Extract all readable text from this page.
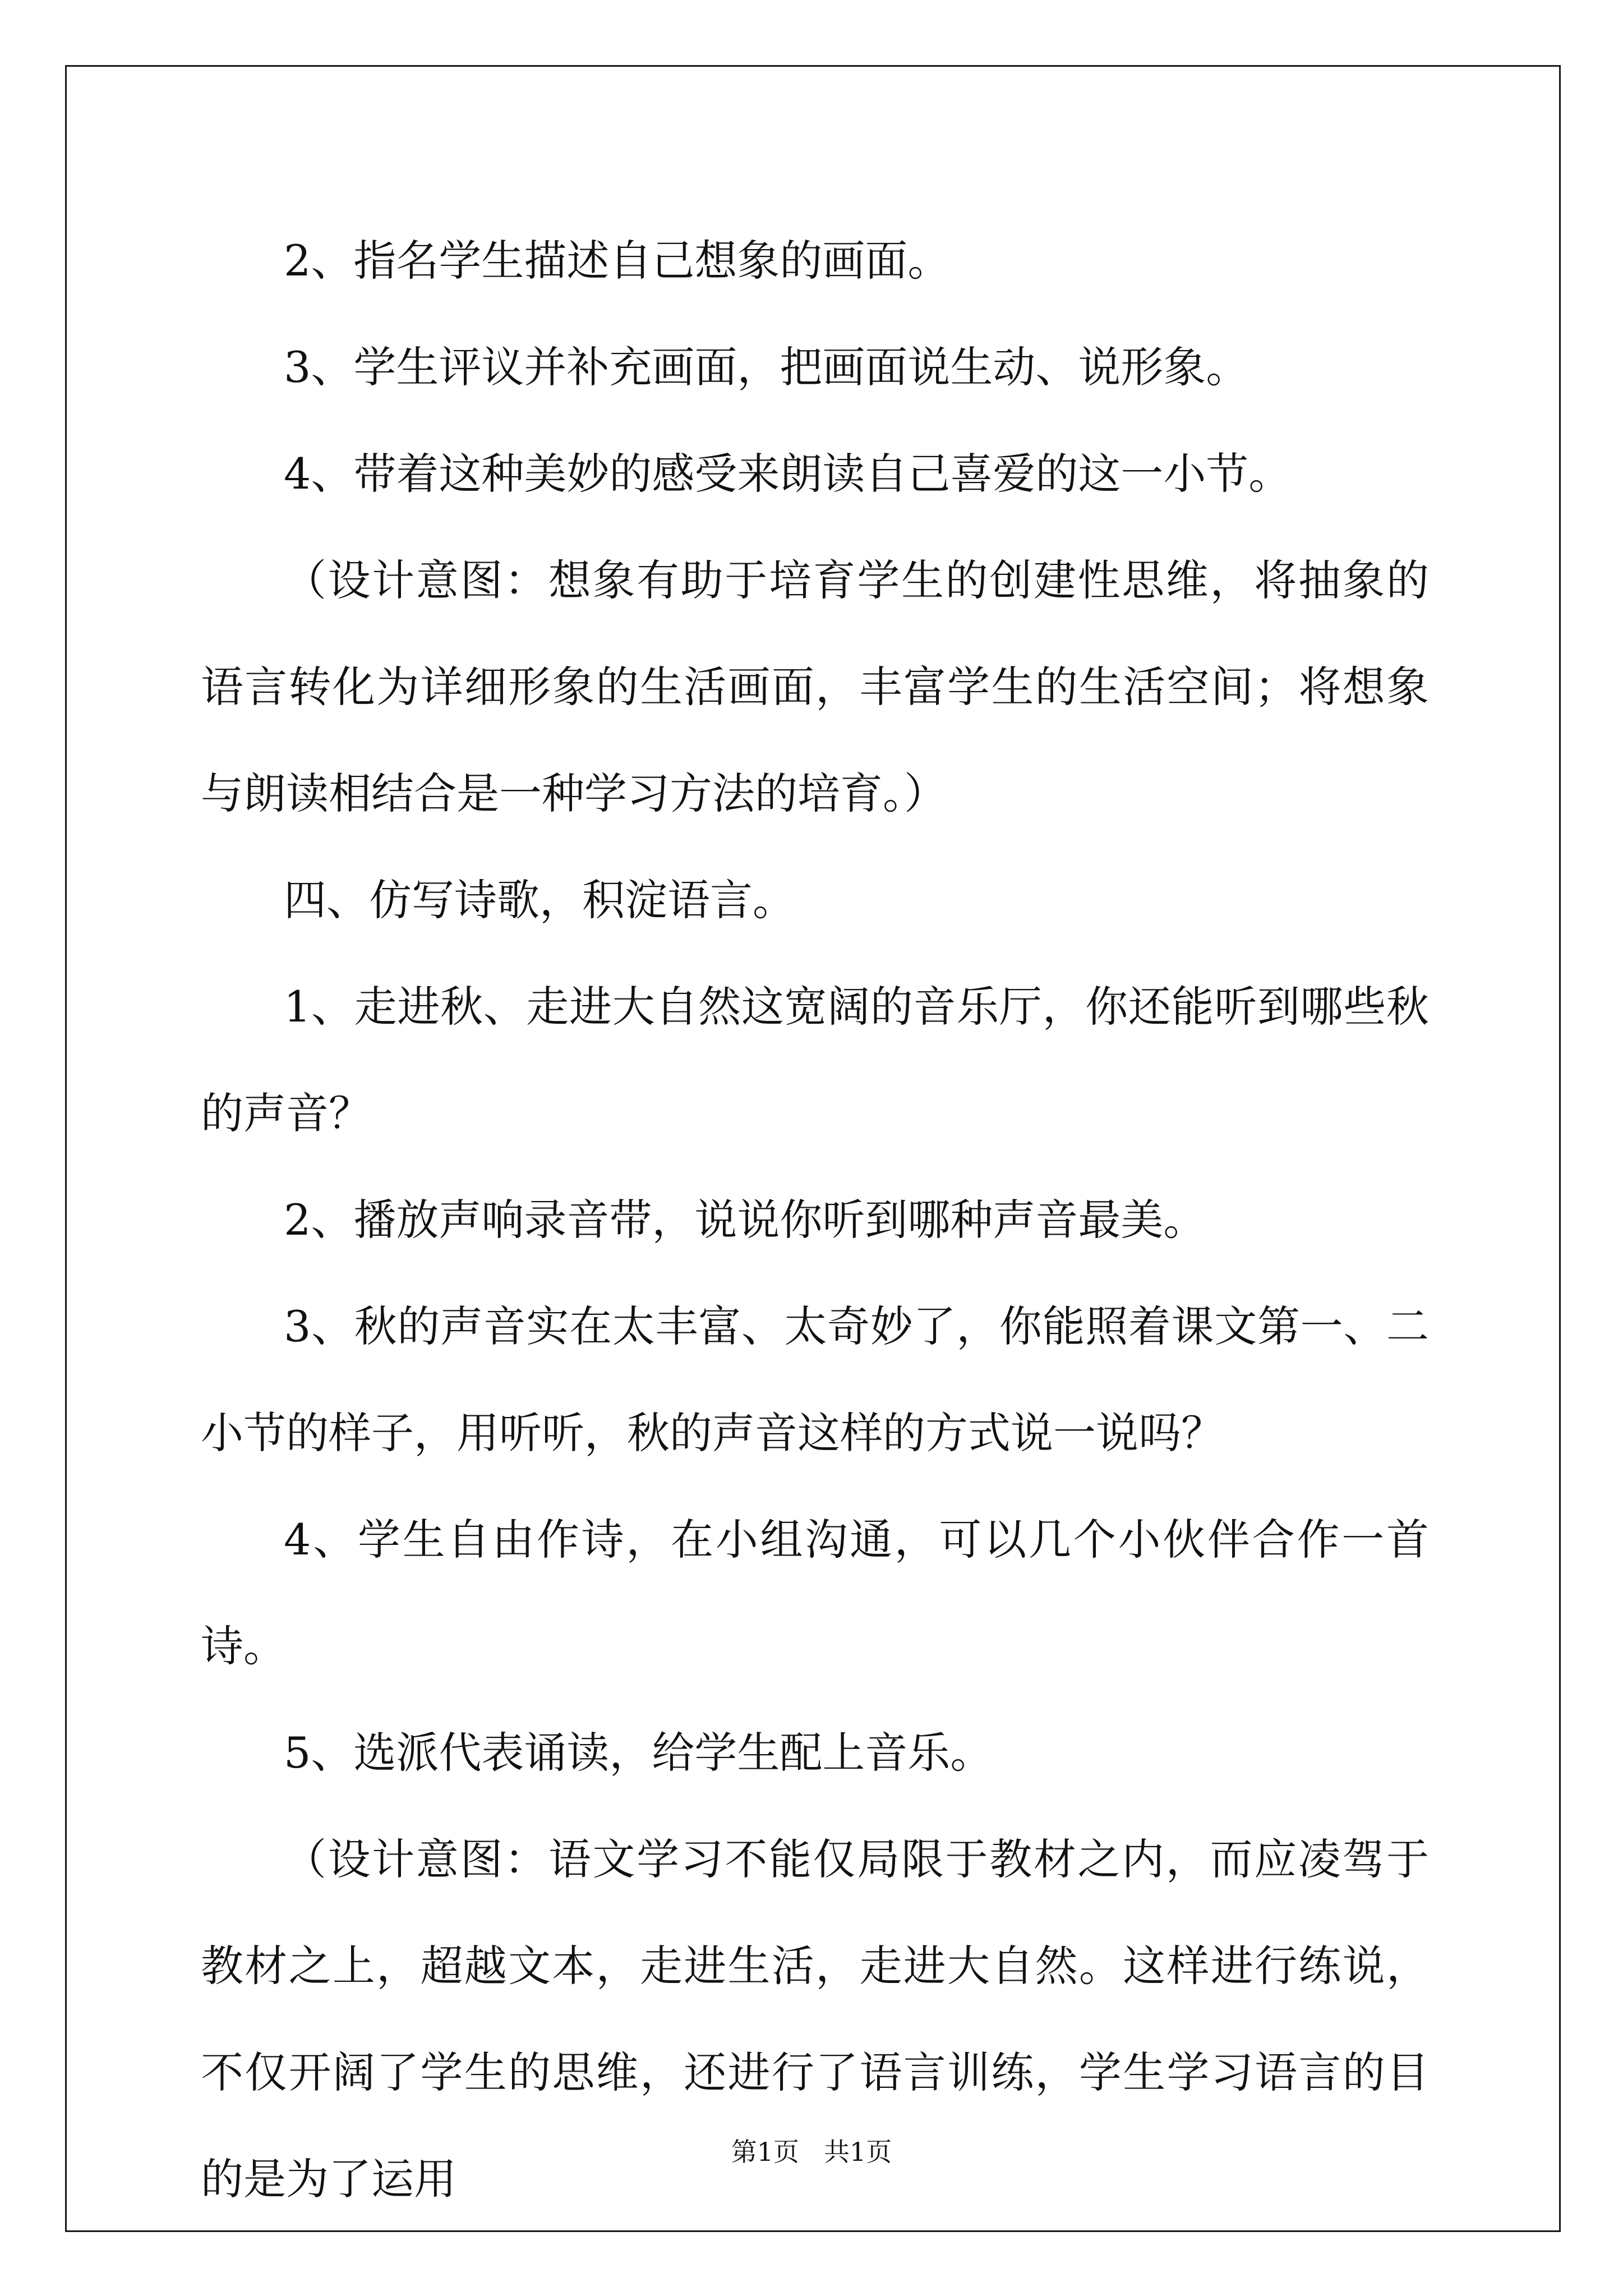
2、指名学生描述自己想象的画面。

3、学生评议并补充画面，把画面说生动、说形象。

4、带着这种美妙的感受来朗读自己喜爱的这一小节。

（设计意图：想象有助于培育学生的创建性思维，将抽象的语言转化为详细形象的生活画面，丰富学生的生活空间；将想象与朗读相结合是一种学习方法的培育。）

四、仿写诗歌，积淀语言。

1、走进秋、走进大自然这宽阔的音乐厅，你还能听到哪些秋的声音？

2、播放声响录音带，说说你听到哪种声音最美。

3、秋的声音实在太丰富、太奇妙了，你能照着课文第一、二小节的样子，用听听，秋的声音这样的方式说一说吗？

4、学生自由作诗，在小组沟通，可以几个小伙伴合作一首诗。

5、选派代表诵读，给学生配上音乐。

（设计意图：语文学习不能仅局限于教材之内，而应凌驾于教材之上，超越文本，走进生活，走进大自然。这样进行练说，不仅开阔了学生的思维，还进行了语言训练，学生学习语言的目的是为了运用

第1页 共1页
